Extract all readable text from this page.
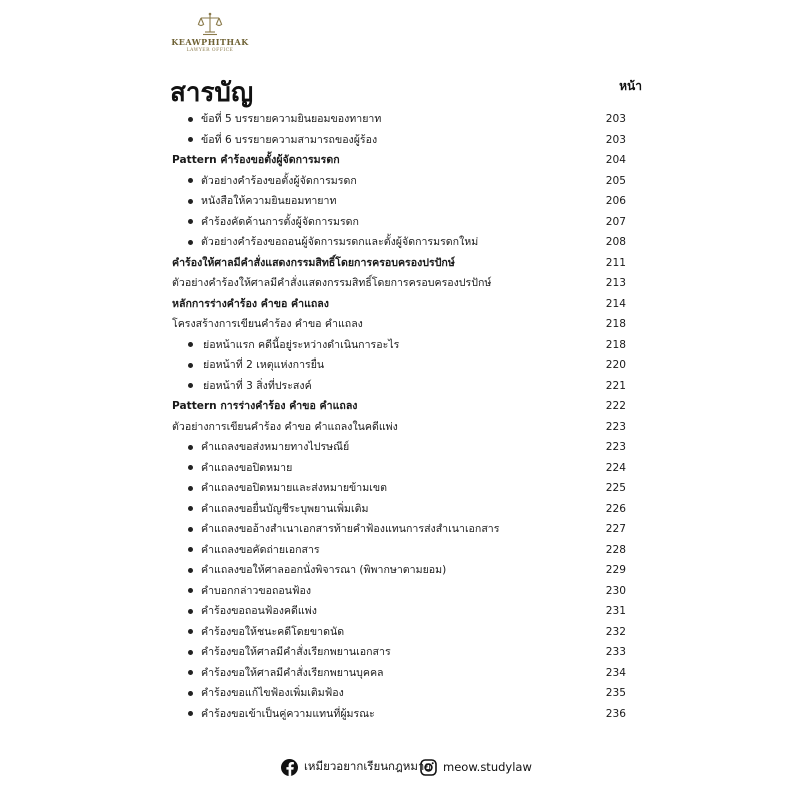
KEAWPHITHAK
LAWYER OFFICE
สารบัญ	หน้า
ข้อที่ 5 บรรยายความยินยอมของทายาท	203
ข้อที่ 6 บรรยายความสามารถของผู้ร้อง	203
Pattern คำร้องขอตั้งผู้จัดการมรดก	204
ตัวอย่างคำร้องขอตั้งผู้จัดการมรดก	205
หนังสือให้ความยินยอมทายาท	206
คำร้องคัดค้านการตั้งผู้จัดการมรดก	207
ตัวอย่างคำร้องขอถอนผู้จัดการมรดกและตั้งผู้จัดการมรดกใหม่	208
คำร้องให้ศาลมีคำสั่งแสดงกรรมสิทธิ์โดยการครอบครองปรปักษ์	211
ตัวอย่างคำร้องให้ศาลมีคำสั่งแสดงกรรมสิทธิ์โดยการครอบครองปรปักษ์	213
หลักการร่างคำร้อง คำขอ คำแถลง	214
โครงสร้างการเขียนคำร้อง คำขอ คำแถลง	218
ย่อหน้าแรก คดีนี้อยู่ระหว่างดำเนินการอะไร	218
ย่อหน้าที่ 2 เหตุแห่งการยื่น	220
ย่อหน้าที่ 3 สิ่งที่ประสงค์	221
Pattern การร่างคำร้อง คำขอ คำแถลง	222
ตัวอย่างการเขียนคำร้อง คำขอ คำแถลงในคดีแพ่ง	223
คำแถลงขอส่งหมายทางไปรษณีย์	223
คำแถลงขอปิดหมาย	224
คำแถลงขอปิดหมายและส่งหมายข้ามเขต	225
คำแถลงขอยื่นบัญชีระบุพยานเพิ่มเติม	226
คำแถลงขออ้างสำเนาเอกสารท้ายคำฟ้องแทนการส่งสำเนาเอกสาร	227
คำแถลงขอคัดถ่ายเอกสาร	228
คำแถลงขอให้ศาลออกนั่งพิจารณา (พิพากษาตามยอม)	229
คำบอกกล่าวขอถอนฟ้อง	230
คำร้องขอถอนฟ้องคดีแพ่ง	231
คำร้องขอให้ชนะคดีโดยขาดนัด	232
คำร้องขอให้ศาลมีคำสั่งเรียกพยานเอกสาร	233
คำร้องขอให้ศาลมีคำสั่งเรียกพยานบุคคล	234
คำร้องขอแก้ไขฟ้องเพิ่มเติมฟ้อง	235
คำร้องขอเข้าเป็นคู่ความแทนที่ผู้มรณะ	236
เหมียวอยากเรียนกฎหมาย meow.studylaw
